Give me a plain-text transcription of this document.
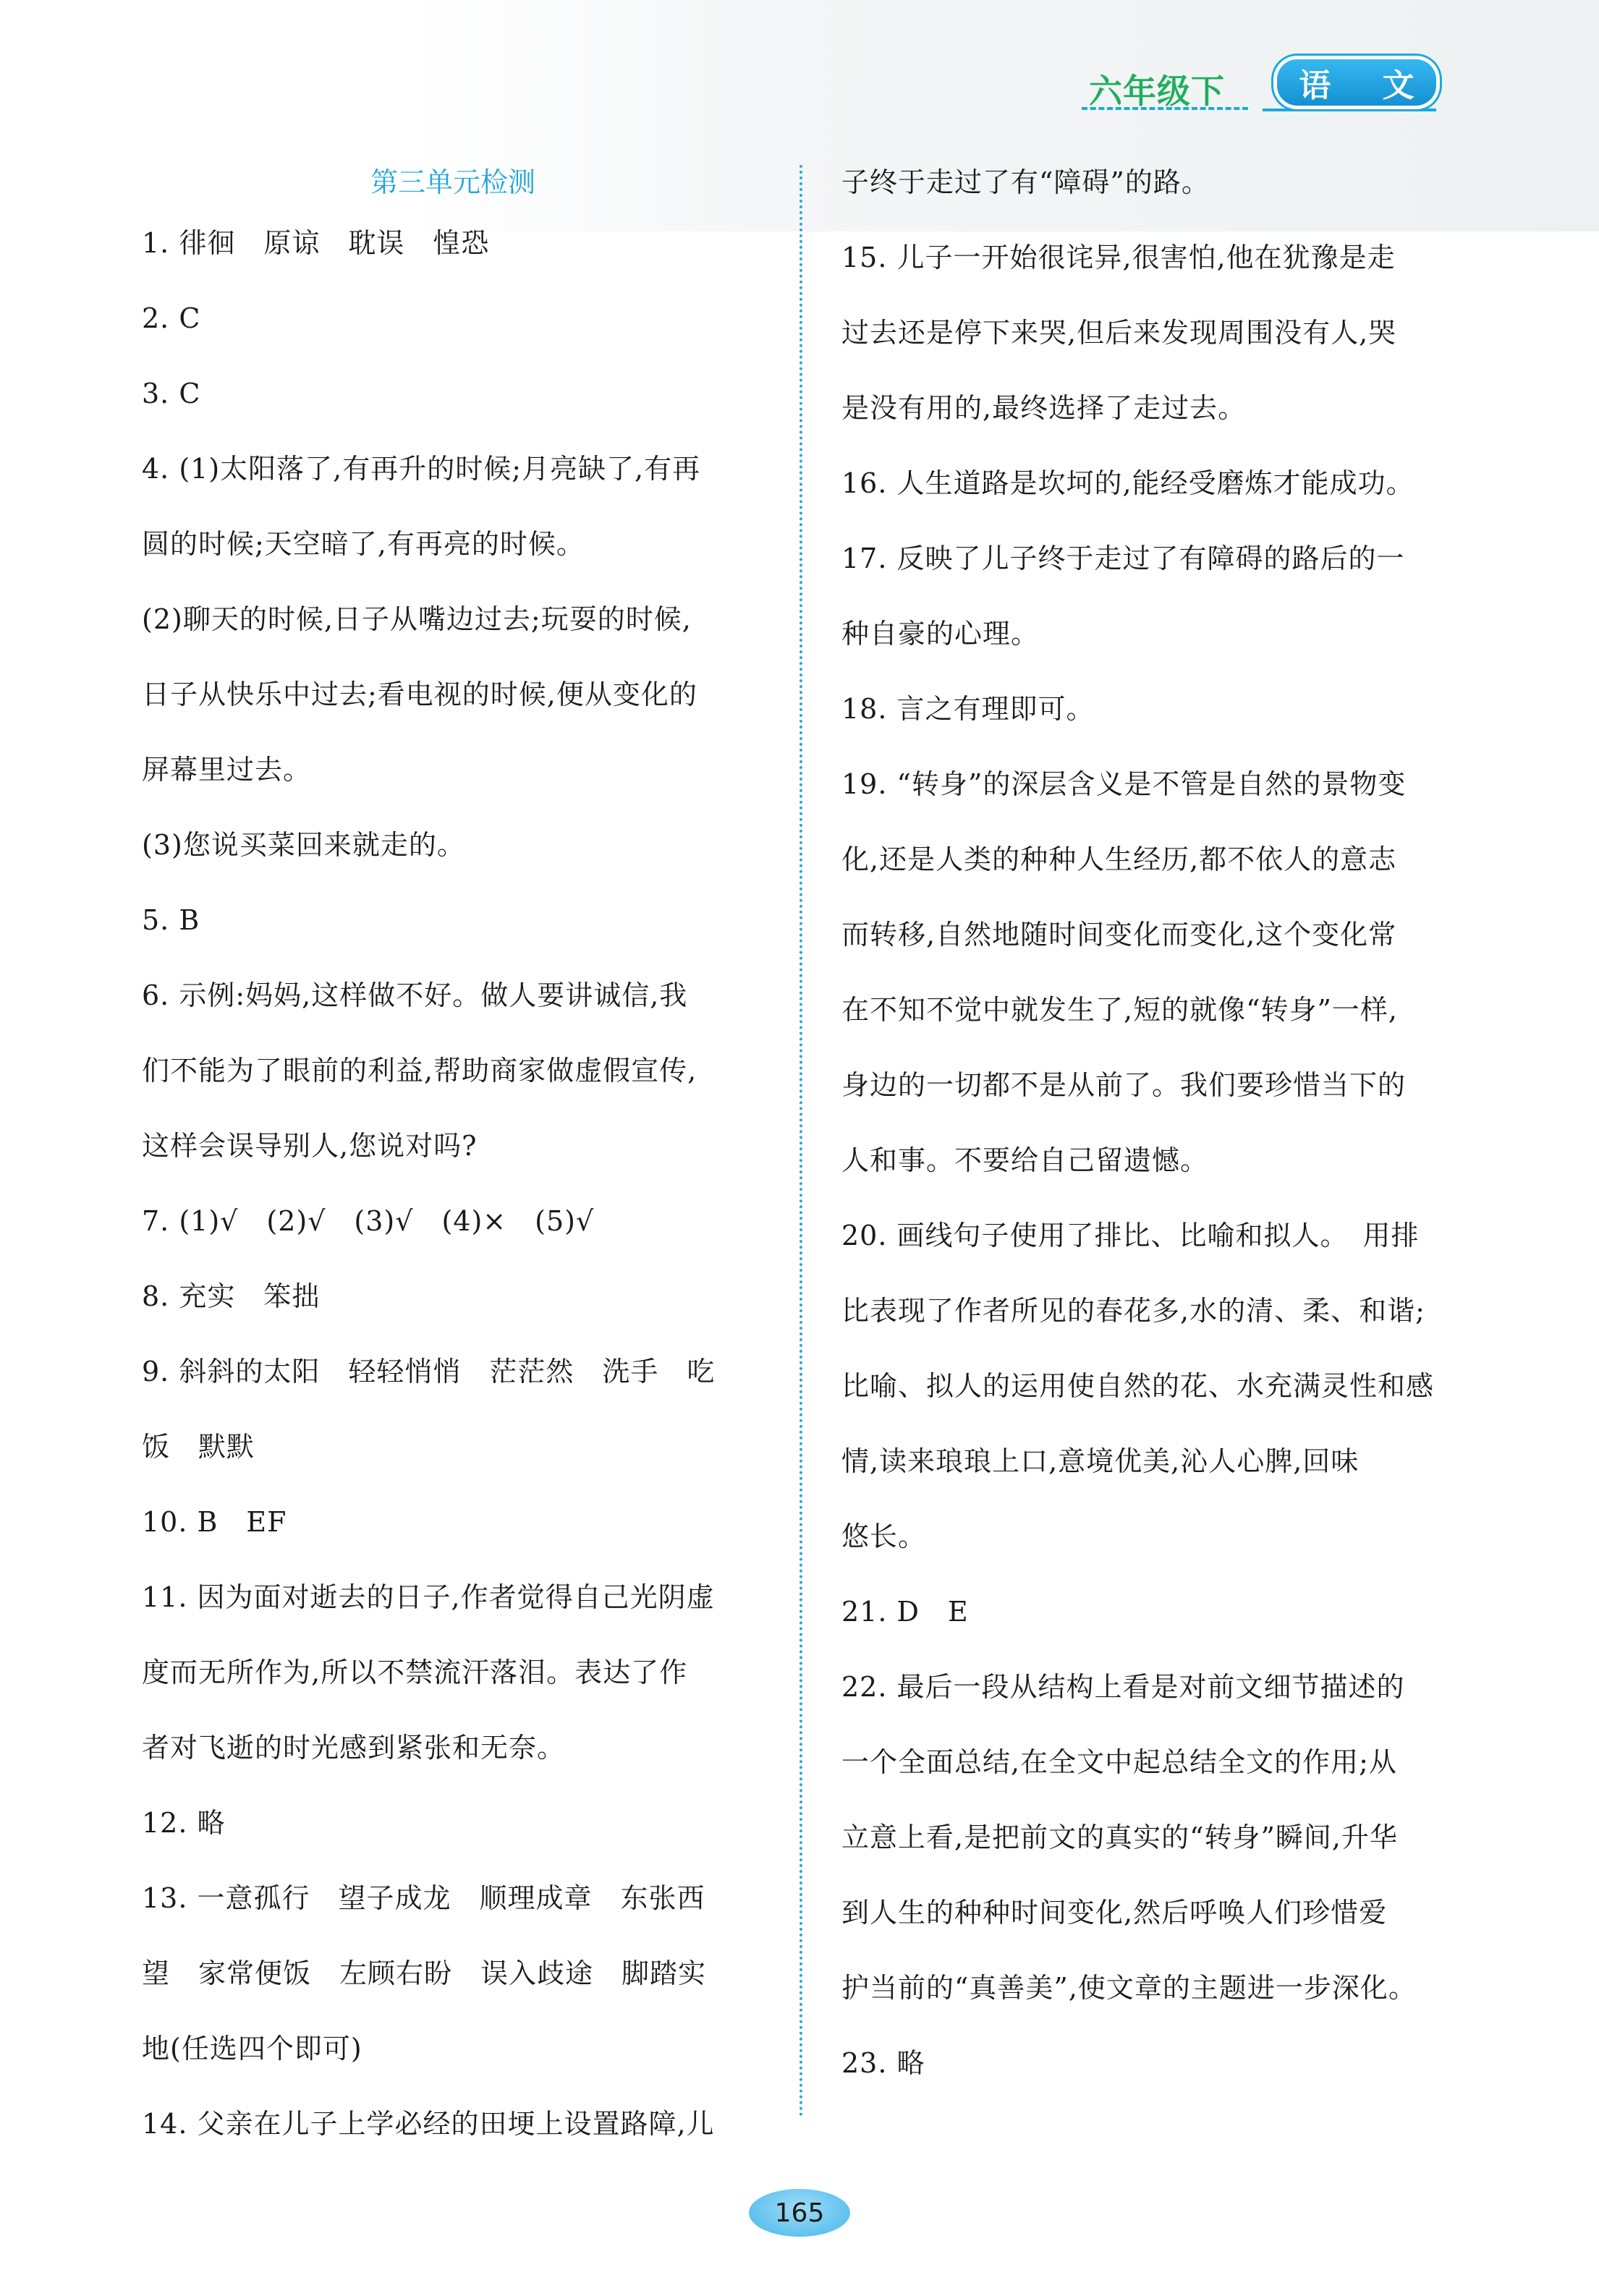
六年级下	语 文
第三单元检测
1. 徘徊　原谅　耽误　惶恐
2. C
3. C
4. (1)太阳落了,有再升的时候;月亮缺了,有再
圆的时候;天空暗了,有再亮的时候。
(2)聊天的时候,日子从嘴边过去;玩耍的时候,
日子从快乐中过去;看电视的时候,便从变化的
屏幕里过去。
(3)您说买菜回来就走的。
5. B
6. 示例:妈妈,这样做不好。做人要讲诚信,我
们不能为了眼前的利益,帮助商家做虚假宣传,
这样会误导别人,您说对吗?
7. (1)√　(2)√　(3)√　(4)×　(5)√
8. 充实　笨拙
9. 斜斜的太阳　轻轻悄悄　茫茫然　洗手　吃
饭　默默
10. B　EF
11. 因为面对逝去的日子,作者觉得自己光阴虚
度而无所作为,所以不禁流汗落泪。表达了作
者对飞逝的时光感到紧张和无奈。
12. 略
13. 一意孤行　望子成龙　顺理成章　东张西
望　家常便饭　左顾右盼　误入歧途　脚踏实
地(任选四个即可)
14. 父亲在儿子上学必经的田埂上设置路障,儿
子终于走过了有“障碍”的路。
15. 儿子一开始很诧异,很害怕,他在犹豫是走
过去还是停下来哭,但后来发现周围没有人,哭
是没有用的,最终选择了走过去。
16. 人生道路是坎坷的,能经受磨炼才能成功。
17. 反映了儿子终于走过了有障碍的路后的一
种自豪的心理。
18. 言之有理即可。
19. “转身”的深层含义是不管是自然的景物变
化,还是人类的种种人生经历,都不依人的意志
而转移,自然地随时间变化而变化,这个变化常
在不知不觉中就发生了,短的就像“转身”一样,
身边的一切都不是从前了。我们要珍惜当下的
人和事。不要给自己留遗憾。
20. 画线句子使用了排比、比喻和拟人。　用排
比表现了作者所见的春花多,水的清、柔、和谐;
比喻、拟人的运用使自然的花、水充满灵性和感
情,读来琅琅上口,意境优美,沁人心脾,回味
悠长。
21. D　E
22. 最后一段从结构上看是对前文细节描述的
一个全面总结,在全文中起总结全文的作用;从
立意上看,是把前文的真实的“转身”瞬间,升华
到人生的种种时间变化,然后呼唤人们珍惜爱
护当前的“真善美”,使文章的主题进一步深化。
23. 略
165
